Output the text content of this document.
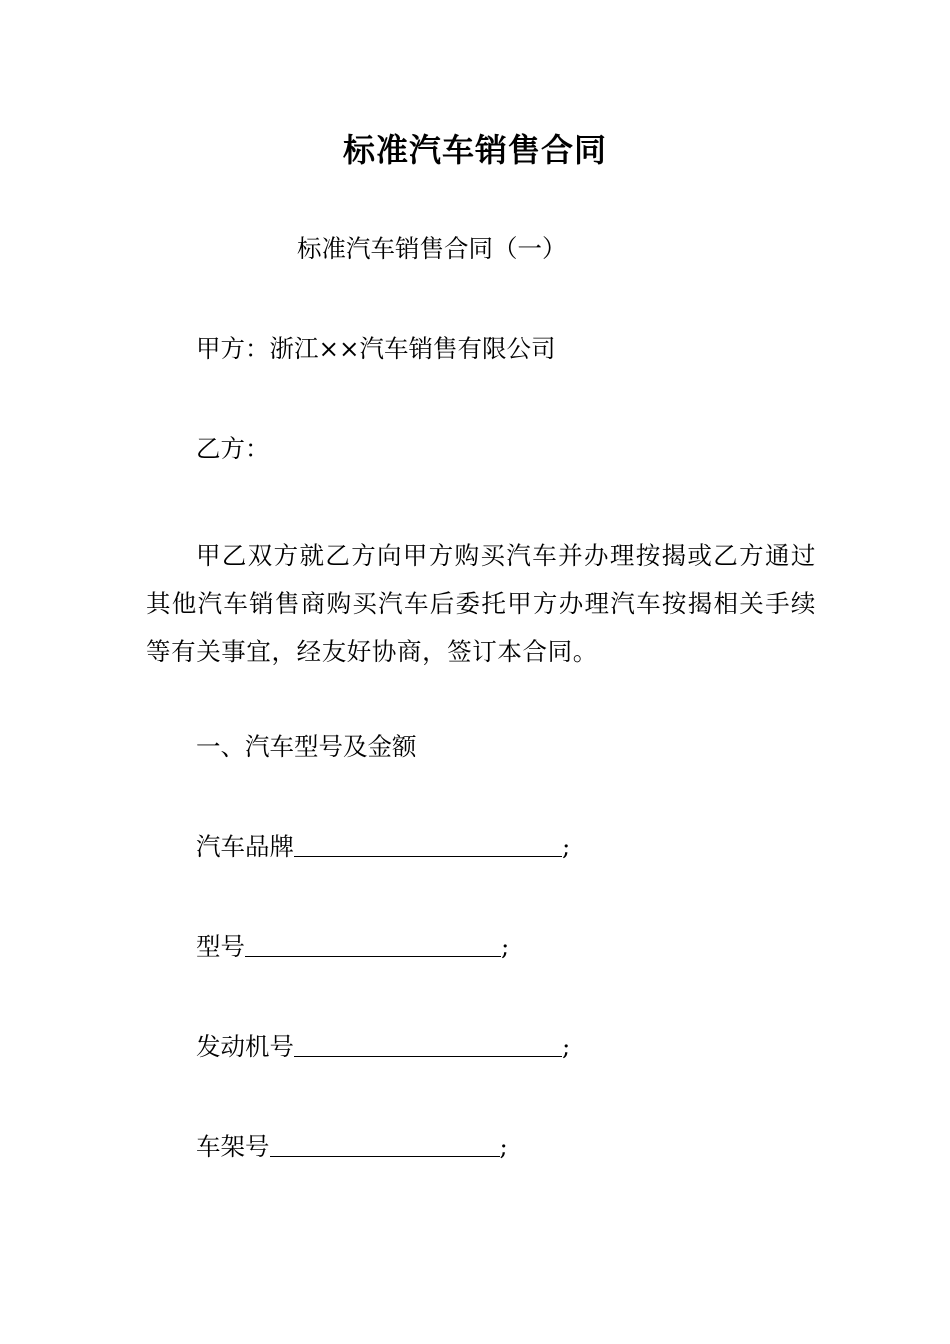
标准汽车销售合同
标准汽车销售合同（一）
甲方：浙江××汽车销售有限公司
乙方：
甲乙双方就乙方向甲方购买汽车并办理按揭或乙方通过其他汽车销售商购买汽车后委托甲方办理汽车按揭相关手续等有关事宜，经友好协商，签订本合同。
一、汽车型号及金额
汽车品牌	;
型号	;
发动机号	;
车架号	;
